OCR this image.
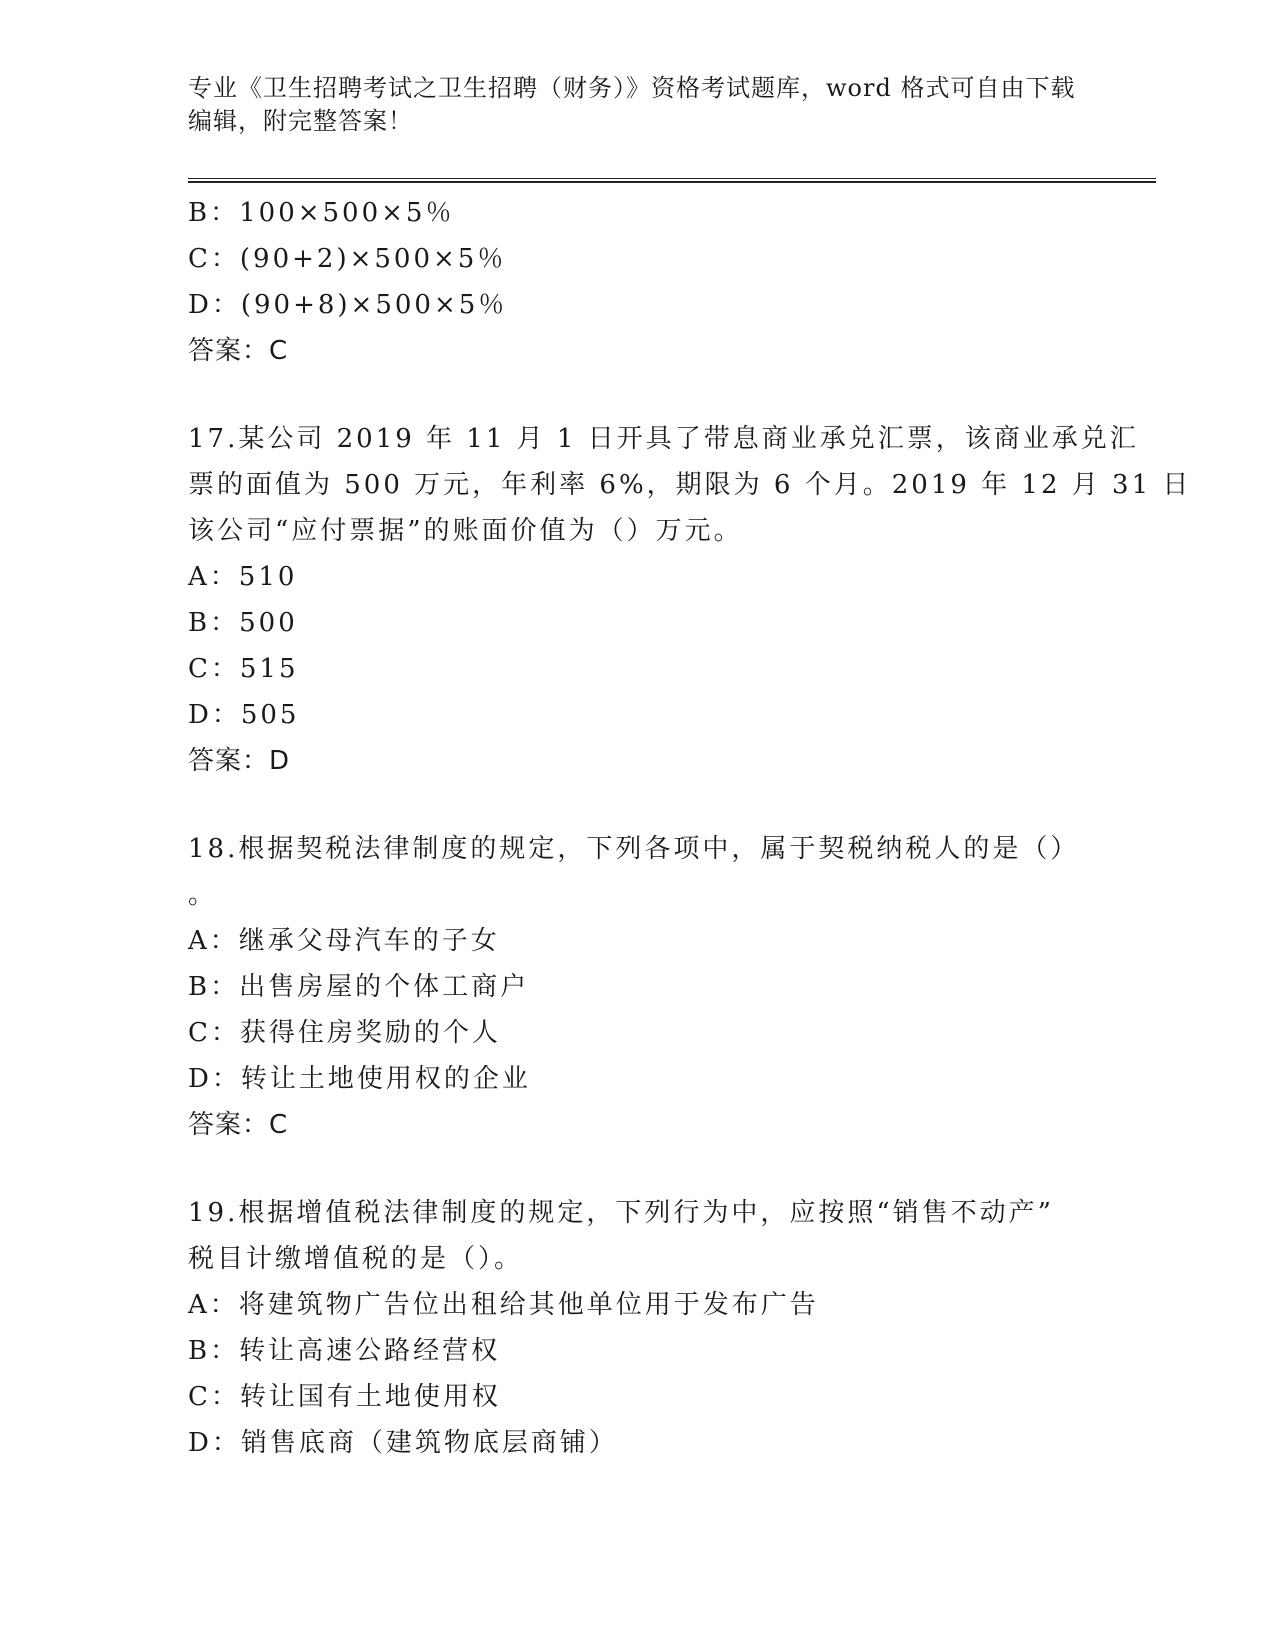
专业《卫生招聘考试之卫生招聘（财务）》资格考试题库，word 格式可自由下载
编辑，附完整答案！
B：100×500×5％
C：(90+2)×500×5％
D：(90+8)×500×5％
答案：C
17.某公司 2019 年 11 月 1 日开具了带息商业承兑汇票，该商业承兑汇
票的面值为 500 万元，年利率 6%，期限为 6 个月。2019 年 12 月 31 日
该公司“应付票据”的账面价值为（）万元。
A：510
B：500
C：515
D：505
答案：D
18.根据契税法律制度的规定，下列各项中，属于契税纳税人的是（）
。
A：继承父母汽车的子女
B：出售房屋的个体工商户
C：获得住房奖励的个人
D：转让土地使用权的企业
答案：C
19.根据增值税法律制度的规定，下列行为中，应按照“销售不动产”
税目计缴增值税的是（）。
A：将建筑物广告位出租给其他单位用于发布广告
B：转让高速公路经营权
C：转让国有土地使用权
D：销售底商（建筑物底层商铺）
